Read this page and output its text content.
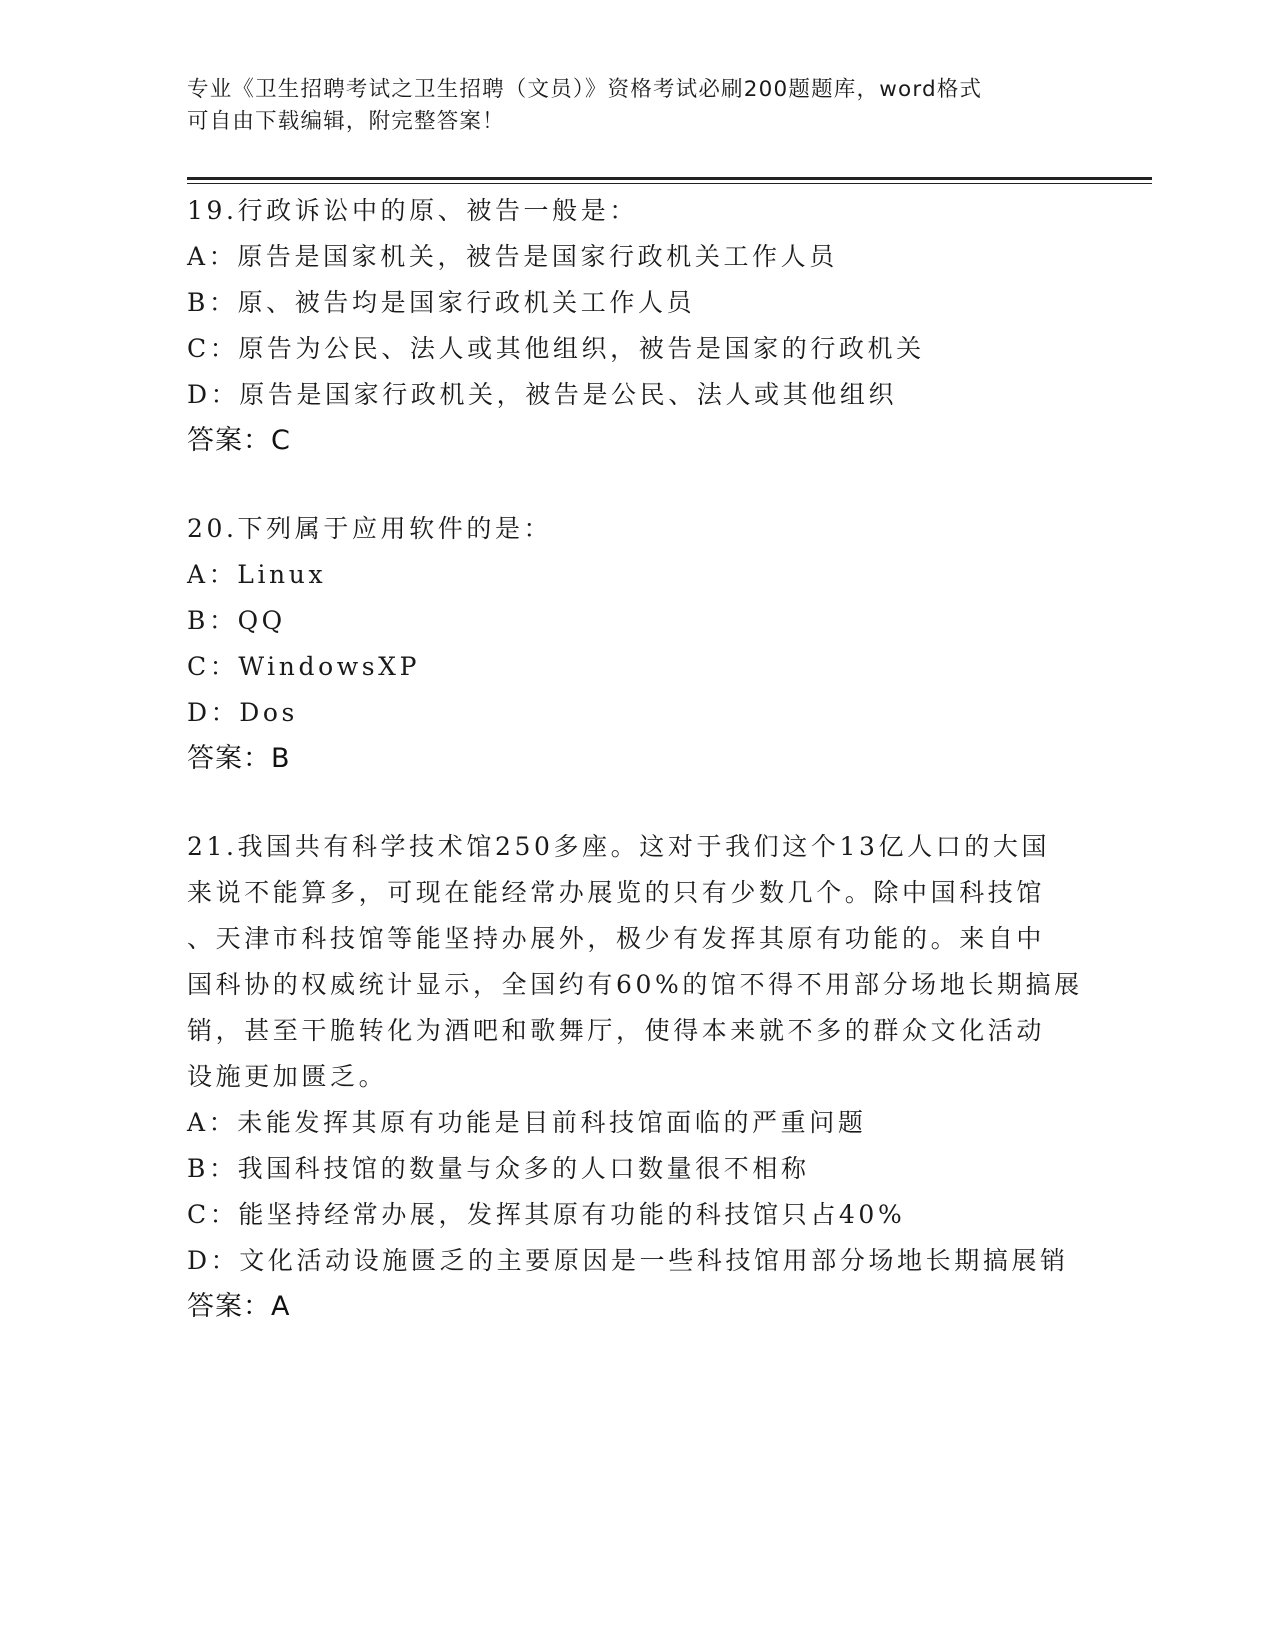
专业《卫生招聘考试之卫生招聘（文员）》资格考试必刷200题题库，word格式
可自由下载编辑，附完整答案！
19.行政诉讼中的原、被告一般是：
A：原告是国家机关，被告是国家行政机关工作人员
B：原、被告均是国家行政机关工作人员
C：原告为公民、法人或其他组织，被告是国家的行政机关
D：原告是国家行政机关，被告是公民、法人或其他组织
答案：C
20.下列属于应用软件的是：
A：Linux
B：QQ
C：WindowsXP
D：Dos
答案：B
21.我国共有科学技术馆250多座。这对于我们这个13亿人口的大国
来说不能算多，可现在能经常办展览的只有少数几个。除中国科技馆
、天津市科技馆等能坚持办展外，极少有发挥其原有功能的。来自中
国科协的权威统计显示，全国约有60%的馆不得不用部分场地长期搞展
销，甚至干脆转化为酒吧和歌舞厅，使得本来就不多的群众文化活动
设施更加匮乏。
A：未能发挥其原有功能是目前科技馆面临的严重问题
B：我国科技馆的数量与众多的人口数量很不相称
C：能坚持经常办展，发挥其原有功能的科技馆只占40%
D：文化活动设施匮乏的主要原因是一些科技馆用部分场地长期搞展销
答案：A
